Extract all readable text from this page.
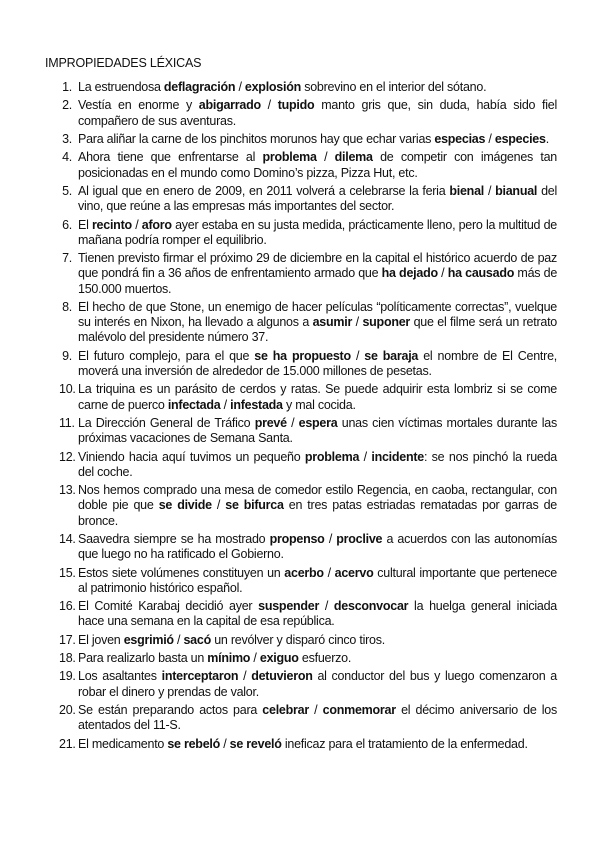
IMPROPIEDADES LÉXICAS
1. La estruendosa deflagración / explosión sobrevino en el interior del sótano.
2. Vestía en enorme y abigarrado / tupido manto gris que, sin duda, había sido fiel compañero de sus aventuras.
3. Para aliñar la carne de los pinchitos morunos hay que echar varias especias / especies.
4. Ahora tiene que enfrentarse al problema / dilema de competir con imágenes tan posicionadas en el mundo como Domino’s pizza, Pizza Hut, etc.
5. Al igual que en enero de 2009, en 2011 volverá a celebrarse la feria bienal / bianual del vino, que reúne a las empresas más importantes del sector.
6. El recinto / aforo ayer estaba en su justa medida, prácticamente lleno, pero la multitud de mañana podría romper el equilibrio.
7. Tienen previsto firmar el próximo 29 de diciembre en la capital el histórico acuerdo de paz que pondrá fin a 36 años de enfrentamiento armado que ha dejado / ha causado más de 150.000 muertos.
8. El hecho de que Stone, un enemigo de hacer películas “políticamente correctas”, vuelque su interés en Nixon, ha llevado a algunos a asumir / suponer que el filme será un retrato malévolo del presidente número 37.
9. El futuro complejo, para el que se ha propuesto / se baraja el nombre de El Centre, moverá una inversión de alrededor de 15.000 millones de pesetas.
10. La triquina es un parásito de cerdos y ratas. Se puede adquirir esta lombriz si se come carne de puerco infectada / infestada y mal cocida.
11. La Dirección General de Tráfico prevé / espera unas cien víctimas mortales durante las próximas vacaciones de Semana Santa.
12. Viniendo hacia aquí tuvimos un pequeño problema / incidente: se nos pinchó la rueda del coche.
13. Nos hemos comprado una mesa de comedor estilo Regencia, en caoba, rectangular, con doble pie que se divide / se bifurca en tres patas estriadas rematadas por garras de bronce.
14. Saavedra siempre se ha mostrado propenso / proclive a acuerdos con las autonomías que luego no ha ratificado el Gobierno.
15. Estos siete volúmenes constituyen un acerbo / acervo cultural importante que pertenece al patrimonio histórico español.
16. El Comité Karabaj decidió ayer suspender / desconvocar la huelga general iniciada hace una semana en la capital de esa república.
17. El joven esgrimió / sacó un revólver y disparó cinco tiros.
18. Para realizarlo basta un mínimo / exiguo esfuerzo.
19. Los asaltantes interceptaron / detuvieron al conductor del bus y luego comenzaron a robar el dinero y prendas de valor.
20. Se están preparando actos para celebrar / conmemorar el décimo aniversario de los atentados del 11-S.
21. El medicamento se rebeló / se reveló ineficaz para el tratamiento de la enfermedad.
